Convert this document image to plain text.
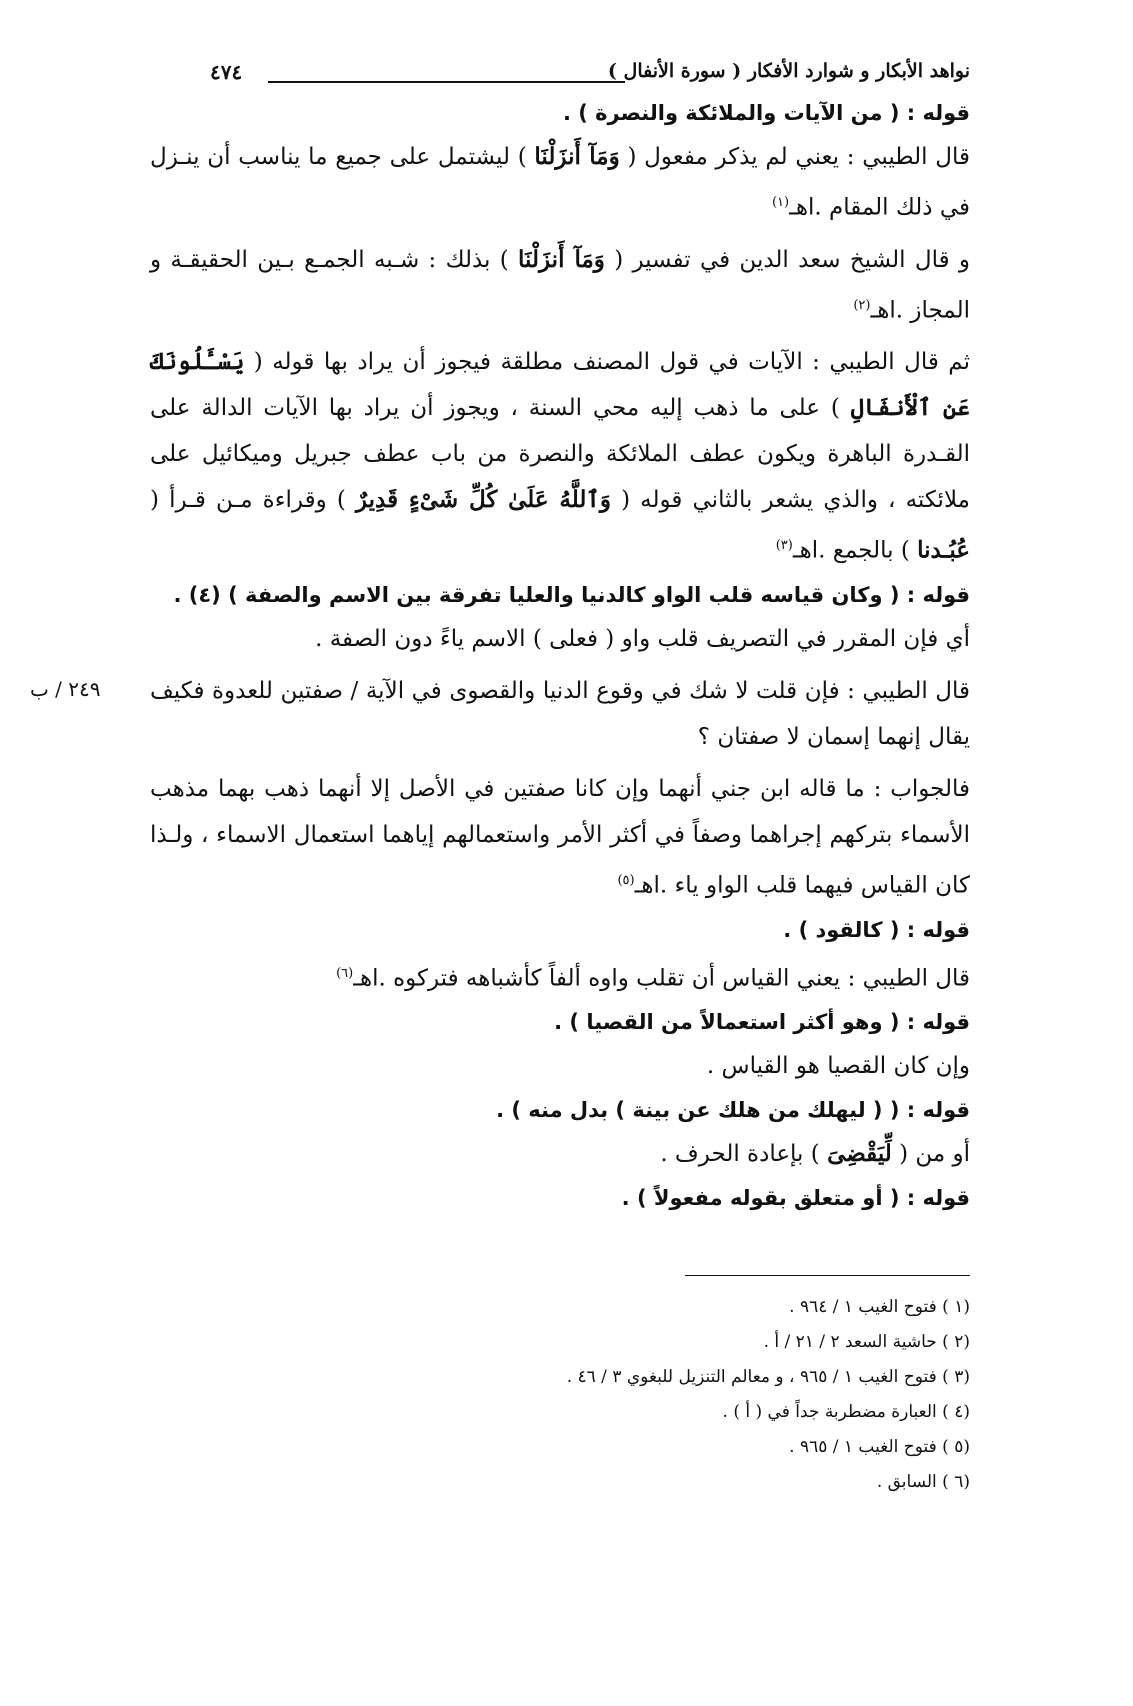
نواهد الأبكار و شوارد الأفكار ( سورة الأنفال )
٤٧٤
قوله : ( من الآيات والملائكة والنصرة ) .

قال الطيبي : يعني لم يذكر مفعول ( وَمَآ أَنزَلْنَا ) ليشتمل على جميع ما يناسب أن ينـزل في ذلك المقام .اهـ$^{(١)}$

و قال الشيخ سعد الدين في تفسير ( وَمَآ أَنزَلْنَا ) بذلك : شـبه الجمـع بـين الحقيقـة و المجاز .اهـ$^{(٢)}$

ثم قال الطيبي : الآيات في قول المصنف مطلقة فيجوز أن يراد بها قوله ( يَسْـَٔلُونَكَ عَنِ ٱلْأَنفَالِ ) على ما ذهب إليه محي السنة ، ويجوز أن يراد بها الآيات الدالة على القـدرة الباهرة ويكون عطف الملائكة والنصرة من باب عطف جبريل وميكائيل على ملائكته ، والذي يشعر بالثاني قوله ( وَٱللَّهُ عَلَىٰ كُلِّ شَىْءٍ قَدِيرٌ ) وقراءة مـن قـرأ ( عُبُـدنا ) بالجمع .اهـ$^{(٣)}$

قوله : ( وكان قياسه قلب الواو كالدنيا والعليا تفرقة بين الاسم والصفة ) (٤) .

أي فإن المقرر في التصريف قلب واو ( فعلى ) الاسم ياءً دون الصفة .

قال الطيبي : فإن قلت لا شك في وقوع الدنيا والقصوى في الآية / صفتين للعدوة فكيف يقال إنهما إسمان لا صفتان ؟

فالجواب : ما قاله ابن جني أنهما وإن كانا صفتين في الأصل إلا أنهما ذهب بهما مذهب الأسماء بتركهم إجراهما وصفاً في أكثر الأمر واستعمالهم إياهما استعمال الاسماء ، ولـذا كان القياس فيهما قلب الواو ياء .اهـ$^{(٥)}$

قوله : ( كالقود ) .

قال الطيبي : يعني القياس أن تقلب واوه ألفاً كأشباهه فتركوه .اهـ$^{(٦)}$

قوله : ( وهو أكثر استعمالاً من القصيا ) .

وإن كان القصيا هو القياس .

قوله : ( ( ليهلك من هلك عن بينة ) بدل منه ) .

أو من ( لِّيَقْضِىَ ) بإعادة الحرف .

قوله : ( أو متعلق بقوله مفعولاً ) .
٢٤٩ / ب
(١ ) فتوح الغيب ١ / ٩٦٤ .
(٢ ) حاشية السعد ٢ / ٢١ / أ .
(٣ ) فتوح الغيب ١ / ٩٦٥ ، و معالم التنزيل للبغوي ٣ / ٤٦ .
(٤ ) العبارة مضطربة جداً في ( أ ) .
(٥ ) فتوح الغيب ١ / ٩٦٥ .
(٦ ) السابق .
